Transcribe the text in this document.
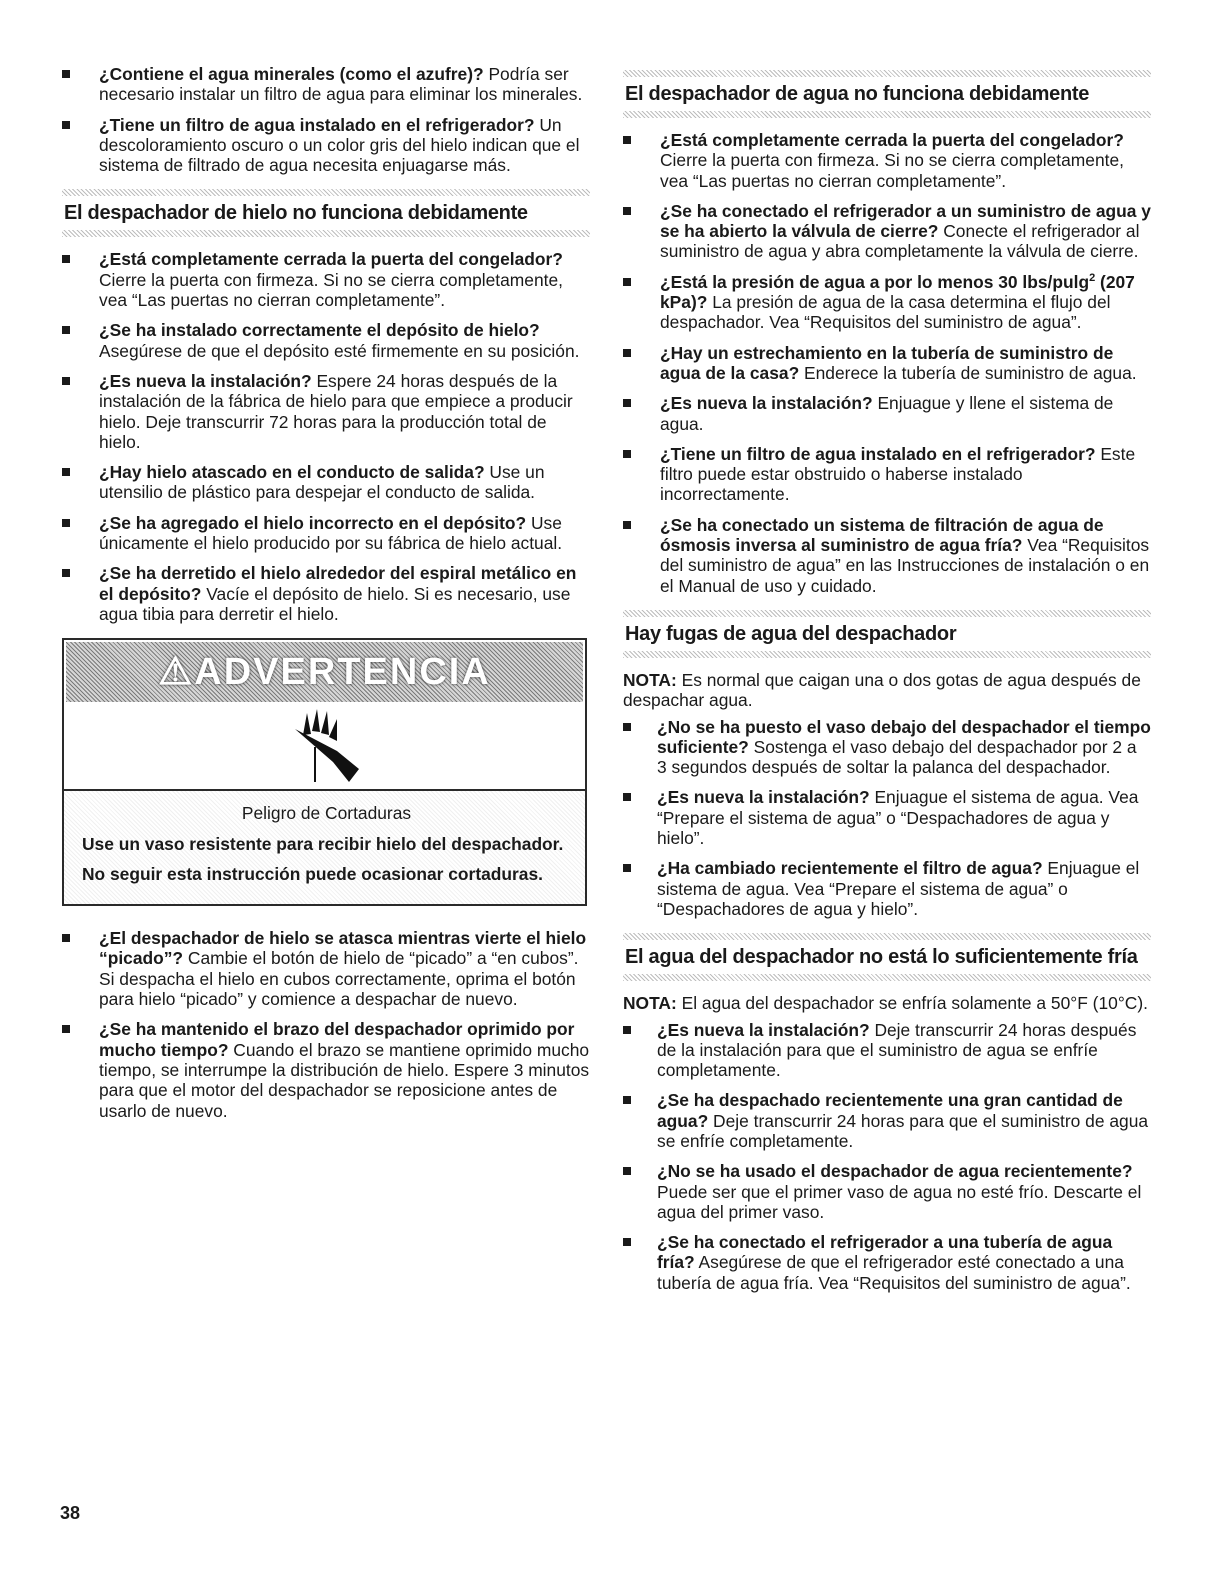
¿Contiene el agua minerales (como el azufre)? Podría ser necesario instalar un filtro de agua para eliminar los minerales.
¿Tiene un filtro de agua instalado en el refrigerador? Un descoloramiento oscuro o un color gris del hielo indican que el sistema de filtrado de agua necesita enjuagarse más.
El despachador de hielo no funciona debidamente
¿Está completamente cerrada la puerta del congelador? Cierre la puerta con firmeza. Si no se cierra completamente, vea “Las puertas no cierran completamente”.
¿Se ha instalado correctamente el depósito de hielo? Asegúrese de que el depósito esté firmemente en su posición.
¿Es nueva la instalación? Espere 24 horas después de la instalación de la fábrica de hielo para que empiece a producir hielo. Deje transcurrir 72 horas para la producción total de hielo.
¿Hay hielo atascado en el conducto de salida? Use un utensilio de plástico para despejar el conducto de salida.
¿Se ha agregado el hielo incorrecto en el depósito? Use únicamente el hielo producido por su fábrica de hielo actual.
¿Se ha derretido el hielo alrededor del espiral metálico en el depósito? Vacíe el depósito de hielo. Si es necesario, use agua tibia para derretir el hielo.
⚠ ADVERTENCIA
Peligro de Cortaduras

Use un vaso resistente para recibir hielo del despachador.

No seguir esta instrucción puede ocasionar cortaduras.

¿El despachador de hielo se atasca mientras vierte el hielo “picado”? Cambie el botón de hielo de “picado” a “en cubos”. Si despacha el hielo en cubos correctamente, oprima el botón para hielo “picado” y comience a despachar de nuevo.
¿Se ha mantenido el brazo del despachador oprimido por mucho tiempo? Cuando el brazo se mantiene oprimido mucho tiempo, se interrumpe la distribución de hielo. Espere 3 minutos para que el motor del despachador se reposicione antes de usarlo de nuevo.
El despachador de agua no funciona debidamente
¿Está completamente cerrada la puerta del congelador? Cierre la puerta con firmeza. Si no se cierra completamente, vea “Las puertas no cierran completamente”.
¿Se ha conectado el refrigerador a un suministro de agua y se ha abierto la válvula de cierre? Conecte el refrigerador al suministro de agua y abra completamente la válvula de cierre.
¿Está la presión de agua a por lo menos 30 lbs/pulg$^2$ (207 kPa)? La presión de agua de la casa determina el flujo del despachador. Vea “Requisitos del suministro de agua”.
¿Hay un estrechamiento en la tubería de suministro de agua de la casa? Enderece la tubería de suministro de agua.
¿Es nueva la instalación? Enjuague y llene el sistema de agua.
¿Tiene un filtro de agua instalado en el refrigerador? Este filtro puede estar obstruido o haberse instalado incorrectamente.
¿Se ha conectado un sistema de filtración de agua de ósmosis inversa al suministro de agua fría? Vea “Requisitos del suministro de agua” en las Instrucciones de instalación o en el Manual de uso y cuidado.
Hay fugas de agua del despachador

NOTA: Es normal que caigan una o dos gotas de agua después de despachar agua.

¿No se ha puesto el vaso debajo del despachador el tiempo suficiente? Sostenga el vaso debajo del despachador por 2 a 3 segundos después de soltar la palanca del despachador.
¿Es nueva la instalación? Enjuague el sistema de agua. Vea “Prepare el sistema de agua” o “Despachadores de agua y hielo”.
¿Ha cambiado recientemente el filtro de agua? Enjuague el sistema de agua. Vea “Prepare el sistema de agua” o “Despachadores de agua y hielo”.
El agua del despachador no está lo suficientemente fría

NOTA: El agua del despachador se enfría solamente a 50°F (10°C).

¿Es nueva la instalación? Deje transcurrir 24 horas después de la instalación para que el suministro de agua se enfríe completamente.
¿Se ha despachado recientemente una gran cantidad de agua? Deje transcurrir 24 horas para que el suministro de agua se enfríe completamente.
¿No se ha usado el despachador de agua recientemente? Puede ser que el primer vaso de agua no esté frío. Descarte el agua del primer vaso.
¿Se ha conectado el refrigerador a una tubería de agua fría? Asegúrese de que el refrigerador esté conectado a una tubería de agua fría. Vea “Requisitos del suministro de agua”.
38
